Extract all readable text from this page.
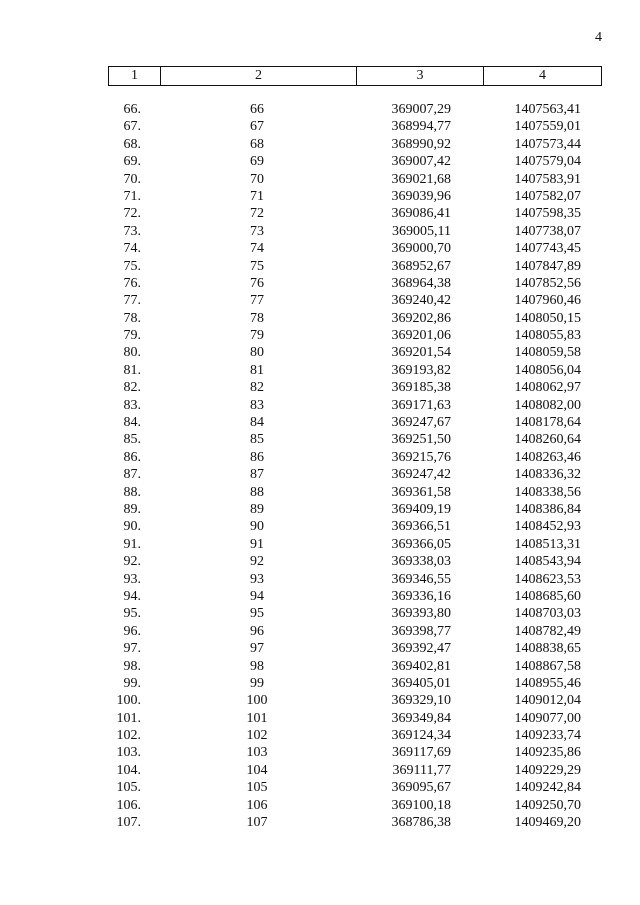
4
1	2	3	4
66.	66	369007,29	1407563,41
67.	67	368994,77	1407559,01
68.	68	368990,92	1407573,44
69.	69	369007,42	1407579,04
70.	70	369021,68	1407583,91
71.	71	369039,96	1407582,07
72.	72	369086,41	1407598,35
73.	73	369005,11	1407738,07
74.	74	369000,70	1407743,45
75.	75	368952,67	1407847,89
76.	76	368964,38	1407852,56
77.	77	369240,42	1407960,46
78.	78	369202,86	1408050,15
79.	79	369201,06	1408055,83
80.	80	369201,54	1408059,58
81.	81	369193,82	1408056,04
82.	82	369185,38	1408062,97
83.	83	369171,63	1408082,00
84.	84	369247,67	1408178,64
85.	85	369251,50	1408260,64
86.	86	369215,76	1408263,46
87.	87	369247,42	1408336,32
88.	88	369361,58	1408338,56
89.	89	369409,19	1408386,84
90.	90	369366,51	1408452,93
91.	91	369366,05	1408513,31
92.	92	369338,03	1408543,94
93.	93	369346,55	1408623,53
94.	94	369336,16	1408685,60
95.	95	369393,80	1408703,03
96.	96	369398,77	1408782,49
97.	97	369392,47	1408838,65
98.	98	369402,81	1408867,58
99.	99	369405,01	1408955,46
100.	100	369329,10	1409012,04
101.	101	369349,84	1409077,00
102.	102	369124,34	1409233,74
103.	103	369117,69	1409235,86
104.	104	369111,77	1409229,29
105.	105	369095,67	1409242,84
106.	106	369100,18	1409250,70
107.	107	368786,38	1409469,20
